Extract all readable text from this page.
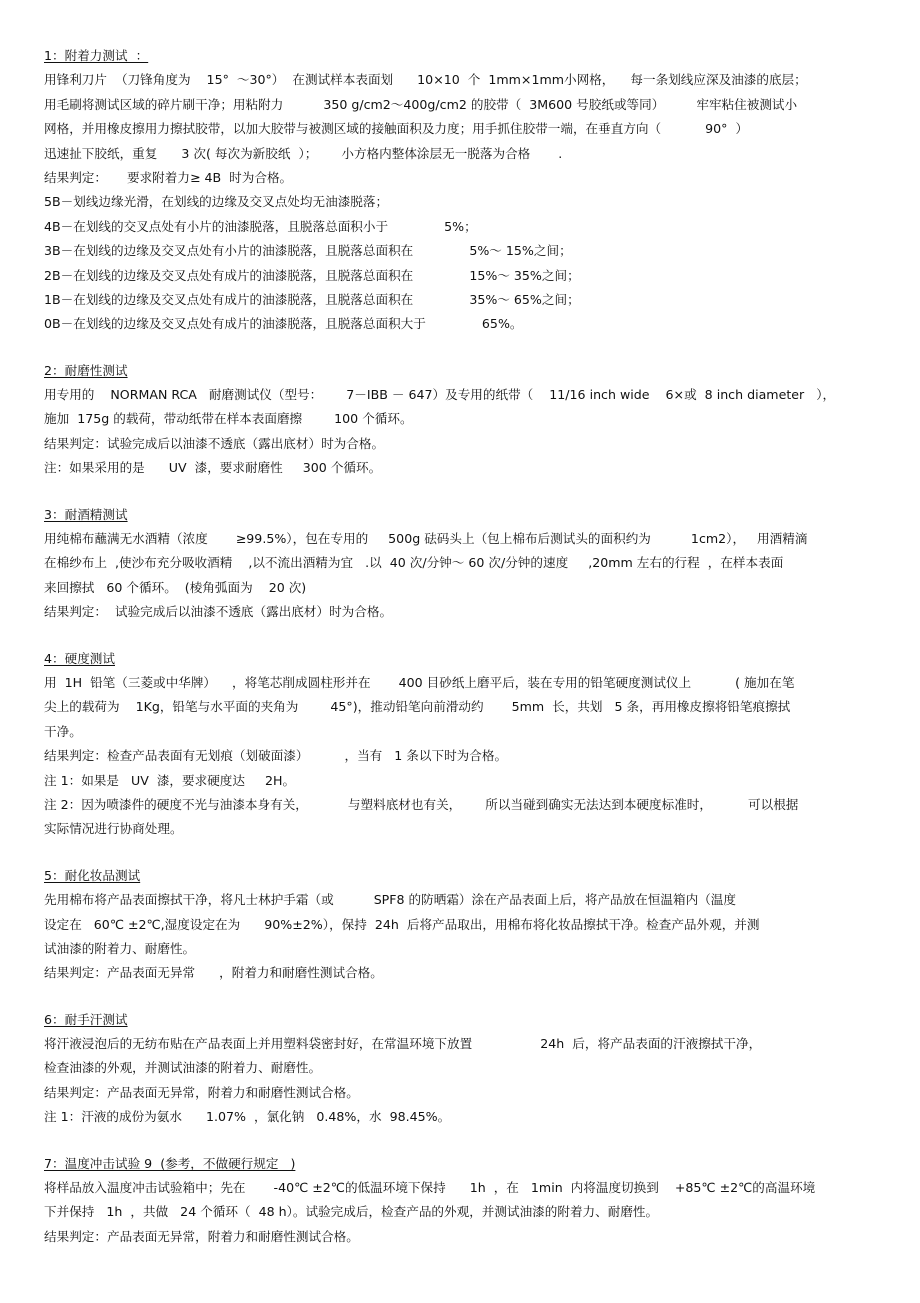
1：附着力测试  ：
用锋利刀片  （刀锋角度为    15°  ～30°）  在测试样本表面划      10×10  个  1mm×1mm小网格，    每一条划线应深及油漆的底层；
用毛刷将测试区域的碎片刷干净；用粘附力          350 g/cm2～400g/cm2 的胶带（  3M600 号胶纸或等同）        牢牢粘住被测试小
网格，并用橡皮擦用力擦拭胶带，以加大胶带与被测区域的接触面积及力度；用手抓住胶带一端，在垂直方向（           90°  ）
迅速扯下胶纸，重复      3 次( 每次为新胶纸  ）；      小方格内整体涂层无一脱落为合格       .
结果判定：     要求附着力≥ 4B  时为合格。
5B－划线边缘光滑，在划线的边缘及交叉点处均无油漆脱落；
4B－在划线的交叉点处有小片的油漆脱落，且脱落总面积小于              5%；
3B－在划线的边缘及交叉点处有小片的油漆脱落，且脱落总面积在              5%～ 15%之间；
2B－在划线的边缘及交叉点处有成片的油漆脱落，且脱落总面积在              15%～ 35%之间；
1B－在划线的边缘及交叉点处有成片的油漆脱落，且脱落总面积在              35%～ 65%之间；
0B－在划线的边缘及交叉点处有成片的油漆脱落，且脱落总面积大于              65%。
2：耐磨性测试
用专用的    NORMAN RCA   耐磨测试仪（型号：      7－IBB － 647）及专用的纸带（    11/16 inch wide    6×或  8 inch diameter   ），
施加  175g 的载荷，带动纸带在样本表面磨擦        100 个循环。
结果判定：试验完成后以油漆不透底（露出底材）时为合格。
注：如果采用的是      UV  漆，要求耐磨性     300 个循环。
3：耐酒精测试
用纯棉布蘸满无水酒精（浓度       ≥99.5%），包在专用的     500g 砝码头上（包上棉布后测试头的面积约为          1cm2），   用酒精滴
在棉纱布上  ,使沙布充分吸收酒精    ,以不流出酒精为宜   .以  40 次/分钟～ 60 次/分钟的速度     ,20mm 左右的行程  ，在样本表面
来回擦拭   60 个循环。  (棱角弧面为    20 次)
结果判定：  试验完成后以油漆不透底（露出底材）时为合格。
4：硬度测试
用  1H  铅笔（三菱或中华牌）    ，将笔芯削成圆柱形并在       400 目砂纸上磨平后，装在专用的铅笔硬度测试仪上           ( 施加在笔
尖上的载荷为    1Kg，铅笔与水平面的夹角为        45°)，推动铅笔向前滑动约       5mm  长，共划   5 条，再用橡皮擦将铅笔痕擦拭
干净。
结果判定：检查产品表面有无划痕（划破面漆）         ，当有   1 条以下时为合格。
注 1：如果是   UV  漆，要求硬度达     2H。
注 2：因为喷漆件的硬度不光与油漆本身有关，          与塑料底材也有关，      所以当碰到确实无法达到本硬度标准时，         可以根据
实际情况进行协商处理。
5：耐化妆品测试
先用棉布将产品表面擦拭干净，将凡士林护手霜（或          SPF8 的防晒霜）涂在产品表面上后，将产品放在恒温箱内（温度
设定在   60℃ ±2℃,湿度设定在为      90%±2%），保持  24h  后将产品取出，用棉布将化妆品擦拭干净。检查产品外观，并测
试油漆的附着力、耐磨性。
结果判定：产品表面无异常      ，附着力和耐磨性测试合格。
6：耐手汗测试
将汗液浸泡后的无纺布贴在产品表面上并用塑料袋密封好，在常温环境下放置                 24h  后，将产品表面的汗液擦拭干净，
检查油漆的外观，并测试油漆的附着力、耐磨性。
结果判定：产品表面无异常，附着力和耐磨性测试合格。
注 1：汗液的成份为氨水      1.07%  ，氯化钠   0.48%，水  98.45%。
7：温度冲击试验 9  (参考，不做硬行规定   )
将样品放入温度冲击试验箱中；先在       -40℃ ±2℃的低温环境下保持      1h  ，在   1min  内将温度切换到    +85℃ ±2℃的高温环境
下并保持   1h  ，共做   24 个循环（  48 h）。试验完成后，检查产品的外观，并测试油漆的附着力、耐磨性。
结果判定：产品表面无异常，附着力和耐磨性测试合格。
